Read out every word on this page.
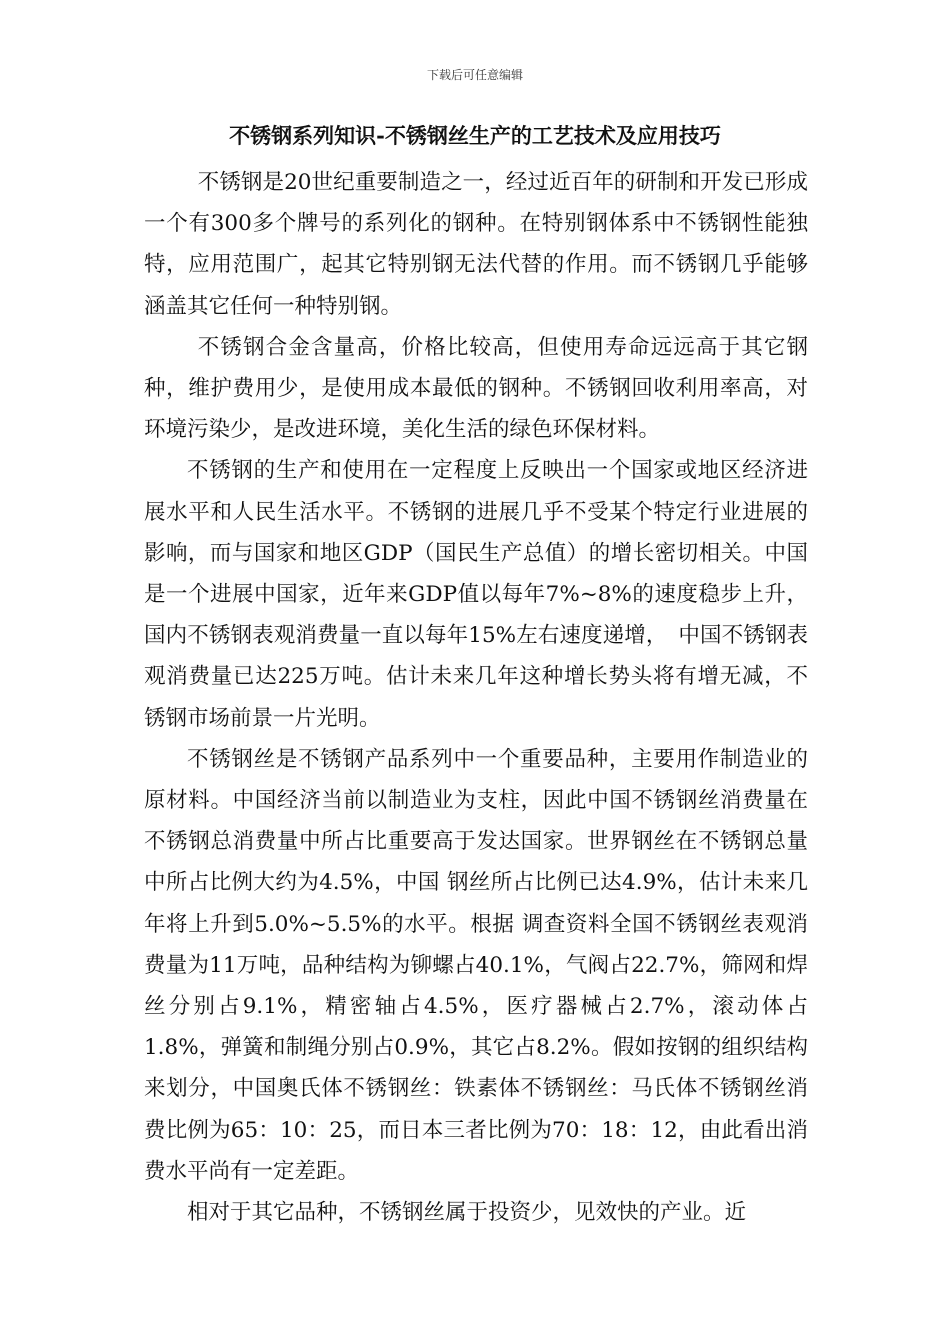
下载后可任意编辑
不锈钢系列知识-不锈钢丝生产的工艺技术及应用技巧

不锈钢是20世纪重要制造之一，经过近百年的研制和开发已形成一个有300多个牌号的系列化的钢种。在特别钢体系中不锈钢性能独特，应用范围广，起其它特别钢无法代替的作用。而不锈钢几乎能够涵盖其它任何一种特别钢。

不锈钢合金含量高，价格比较高，但使用寿命远远高于其它钢种，维护费用少，是使用成本最低的钢种。不锈钢回收利用率高，对环境污染少，是改进环境，美化生活的绿色环保材料。

不锈钢的生产和使用在一定程度上反映出一个国家或地区经济进展水平和人民生活水平。不锈钢的进展几乎不受某个特定行业进展的影响，而与国家和地区GDP（国民生产总值）的增长密切相关。中国是一个进展中国家，近年来GDP值以每年7%~8%的速度稳步上升，国内不锈钢表观消费量一直以每年15%左右速度递增，　中国不锈钢表观消费量已达225万吨。估计未来几年这种增长势头将有增无减，不锈钢市场前景一片光明。

不锈钢丝是不锈钢产品系列中一个重要品种，主要用作制造业的原材料。中国经济当前以制造业为支柱，因此中国不锈钢丝消费量在不锈钢总消费量中所占比重要高于发达国家。世界钢丝在不锈钢总量中所占比例大约为4.5%，中国 钢丝所占比例已达4.9%，估计未来几年将上升到5.0%~5.5%的水平。根据 调查资料全国不锈钢丝表观消费量为11万吨，品种结构为铆螺占40.1%，气阀占22.7%，筛网和焊丝分别占9.1%，精密轴占4.5%，医疗器械占2.7%，滚动体占1.8%，弹簧和制绳分别占0.9%，其它占8.2%。假如按钢的组织结构来划分，中国奥氏体不锈钢丝：铁素体不锈钢丝：马氏体不锈钢丝消费比例为65：10：25，而日本三者比例为70：18：12，由此看出消费水平尚有一定差距。

相对于其它品种，不锈钢丝属于投资少，见效快的产业。近
